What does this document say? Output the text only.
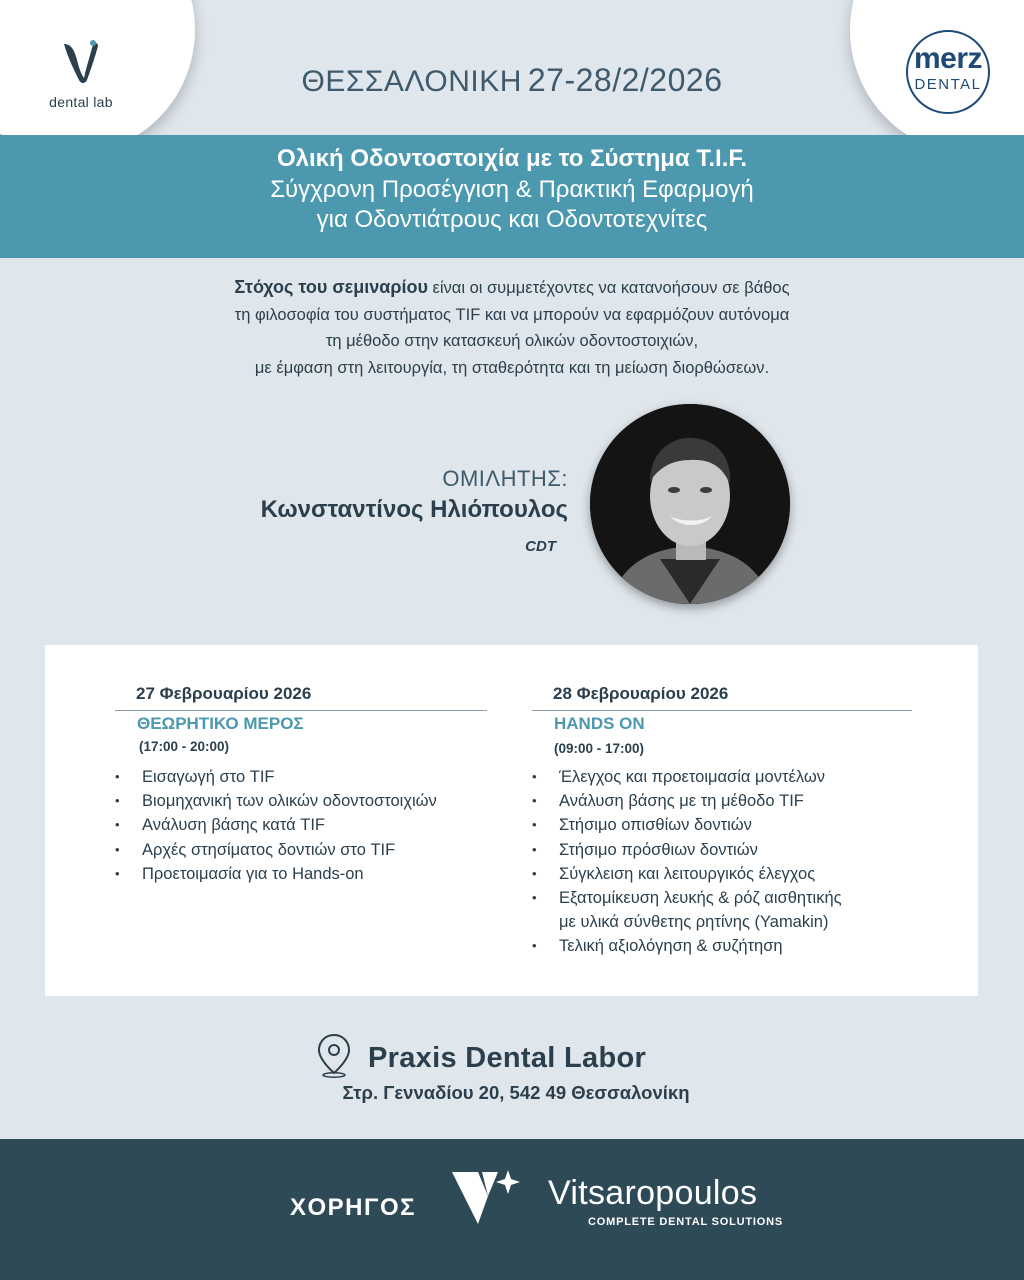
dental lab
merz
DENTAL
ΘΕΣΣΑΛΟΝΙΚΗ 27-28/2/2026
Ολική Οδοντοστοιχία με το Σύστημα T.I.F.
Σύγχρονη Προσέγγιση & Πρακτική Εφαρμογή
για Οδοντιάτρους και Οδοντοτεχνίτες
Στόχος του σεμιναρίου είναι οι συμμετέχοντες να κατανοήσουν σε βάθος
τη φιλοσοφία του συστήματος TIF και να μπορούν να εφαρμόζουν αυτόνομα
τη μέθοδο στην κατασκευή ολικών οδοντοστοιχιών,
με έμφαση στη λειτουργία, τη σταθερότητα και τη μείωση διορθώσεων.
ΟΜΙΛΗΤΗΣ:
Κωνσταντίνος Ηλιόπουλος
CDT
27 Φεβρουαρίου 2026
ΘΕΩΡΗΤΙΚΟ ΜΕΡΟΣ
(17:00 - 20:00)
• Εισαγωγή στο TIF
• Βιομηχανική των ολικών οδοντοστοιχιών
• Ανάλυση βάσης κατά TIF
• Αρχές στησίματος δοντιών στο TIF
• Προετοιμασία για το Hands-on
28 Φεβρουαρίου 2026
HANDS ON
(09:00 - 17:00)
• Έλεγχος και προετοιμασία μοντέλων
• Ανάλυση βάσης με τη μέθοδο TIF
• Στήσιμο οπισθίων δοντιών
• Στήσιμο πρόσθιων δοντιών
• Σύγκλειση και λειτουργικός έλεγχος
• Εξατομίκευση λευκής & ρόζ αισθητικής
με υλικά σύνθετης ρητίνης (Yamakin)
• Τελική αξιολόγηση & συζήτηση
Praxis Dental Labor
Στρ. Γενναδίου 20, 542 49 Θεσσαλονίκη
ΧΟΡΗΓΟΣ	Vitsaropoulos
COMPLETE DENTAL SOLUTIONS
